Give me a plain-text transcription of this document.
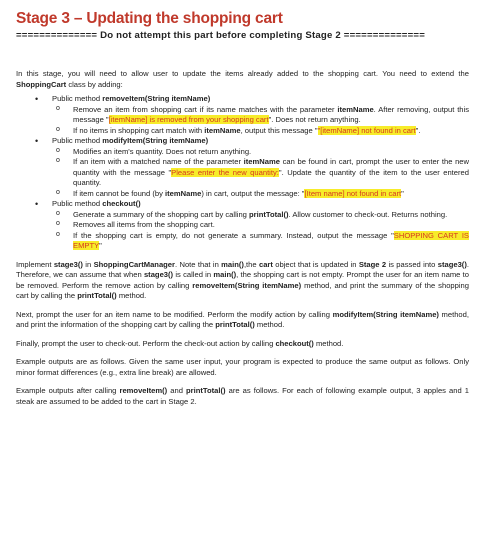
Stage 3 – Updating the shopping cart
============== Do not attempt this part before completing Stage 2 ==============

In this stage, you will need to allow user to update the items already added to the shopping cart. You need to extend the ShoppingCart class by adding:

• Public method removeItem(String itemName)
o Remove an item from shopping cart if its name matches with the parameter itemName. After removing, output this message "[itemName] is removed from your shopping cart". Does not return anything.
o If no items in shopping cart match with itemName, output this message ""[itemName] not found in cart".
• Public method modifyItem(String itemName)
o Modifies an item's quantity. Does not return anything.
o If an item with a matched name of the parameter itemName can be found in cart, prompt the user to enter the new quantity with the message "Please enter the new quantity:". Update the quantity of the item to the user entered quantity.
o If item cannot be found (by itemName) in cart, output the message: "[Item name] not found in cart"
• Public method checkout()
o Generate a summary of the shopping cart by calling printTotal(). Allow customer to check-out. Returns nothing.
o Removes all items from the shopping cart.
o If the shopping cart is empty, do not generate a summary. Instead, output the message "SHOPPING CART IS EMPTY"

Implement stage3() in ShoppingCartManager. Note that in main(),the cart object that is updated in Stage 2 is passed into stage3(). Therefore, we can assume that when stage3() is called in main(), the shopping cart is not empty. Prompt the user for an item name to be removed. Perform the remove action by calling removeItem(String itemName) method, and print the summary of the shopping cart by calling the printTotal() method.

Next, prompt the user for an item name to be modified. Perform the modify action by calling modifyItem(String itemName) method, and print the information of the shopping cart by calling the printTotal() method.

Finally, prompt the user to check-out. Perform the check-out action by calling checkout() method.

Example outputs are as follows. Given the same user input, your program is expected to produce the same output as follows. Only minor format differences (e.g., extra line break) are allowed.

Example outputs after calling removeItem() and printTotal() are as follows. For each of following example output, 3 apples and 1 steak are assumed to be added to the cart in Stage 2.
